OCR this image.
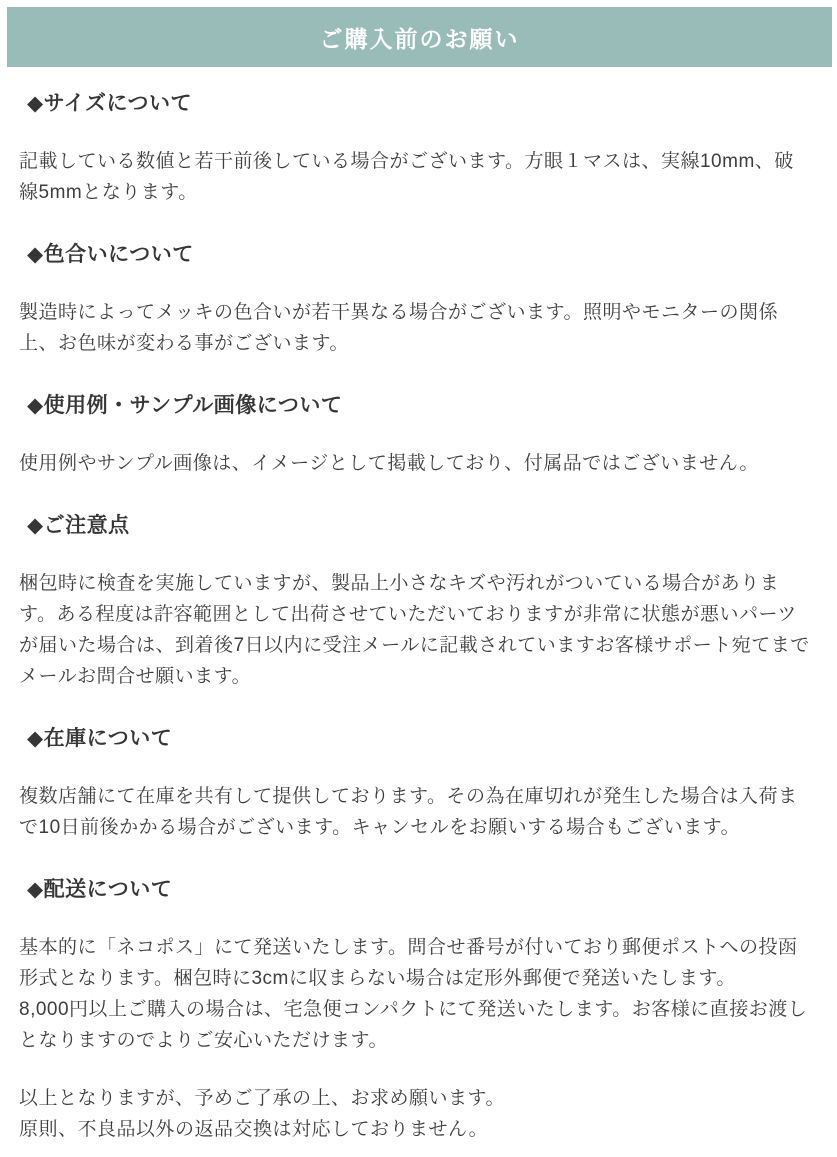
ご購入前のお願い
◆サイズについて

記載している数値と若干前後している場合がございます。方眼１マスは、実線10mm、破線5mmとなります。

◆色合いについて

製造時によってメッキの色合いが若干異なる場合がございます。照明やモニターの関係上、お色味が変わる事がございます。

◆使用例・サンプル画像について

使用例やサンプル画像は、イメージとして掲載しており、付属品ではございません。

◆ご注意点

梱包時に検査を実施していますが、製品上小さなキズや汚れがついている場合があります。ある程度は許容範囲として出荷させていただいておりますが非常に状態が悪いパーツが届いた場合は、到着後7日以内に受注メールに記載されていますお客様サポート宛てまでメールお問合せ願います。

◆在庫について

複数店舗にて在庫を共有して提供しております。その為在庫切れが発生した場合は入荷まで10日前後かかる場合がございます。キャンセルをお願いする場合もございます。

◆配送について

基本的に「ネコポス」にて発送いたします。問合せ番号が付いており郵便ポストへの投函形式となります。梱包時に3cmに収まらない場合は定形外郵便で発送いたします。
8,000円以上ご購入の場合は、宅急便コンパクトにて発送いたします。お客様に直接お渡しとなりますのでよりご安心いただけます。

以上となりますが、予めご了承の上、お求め願います。
原則、不良品以外の返品交換は対応しておりません。
